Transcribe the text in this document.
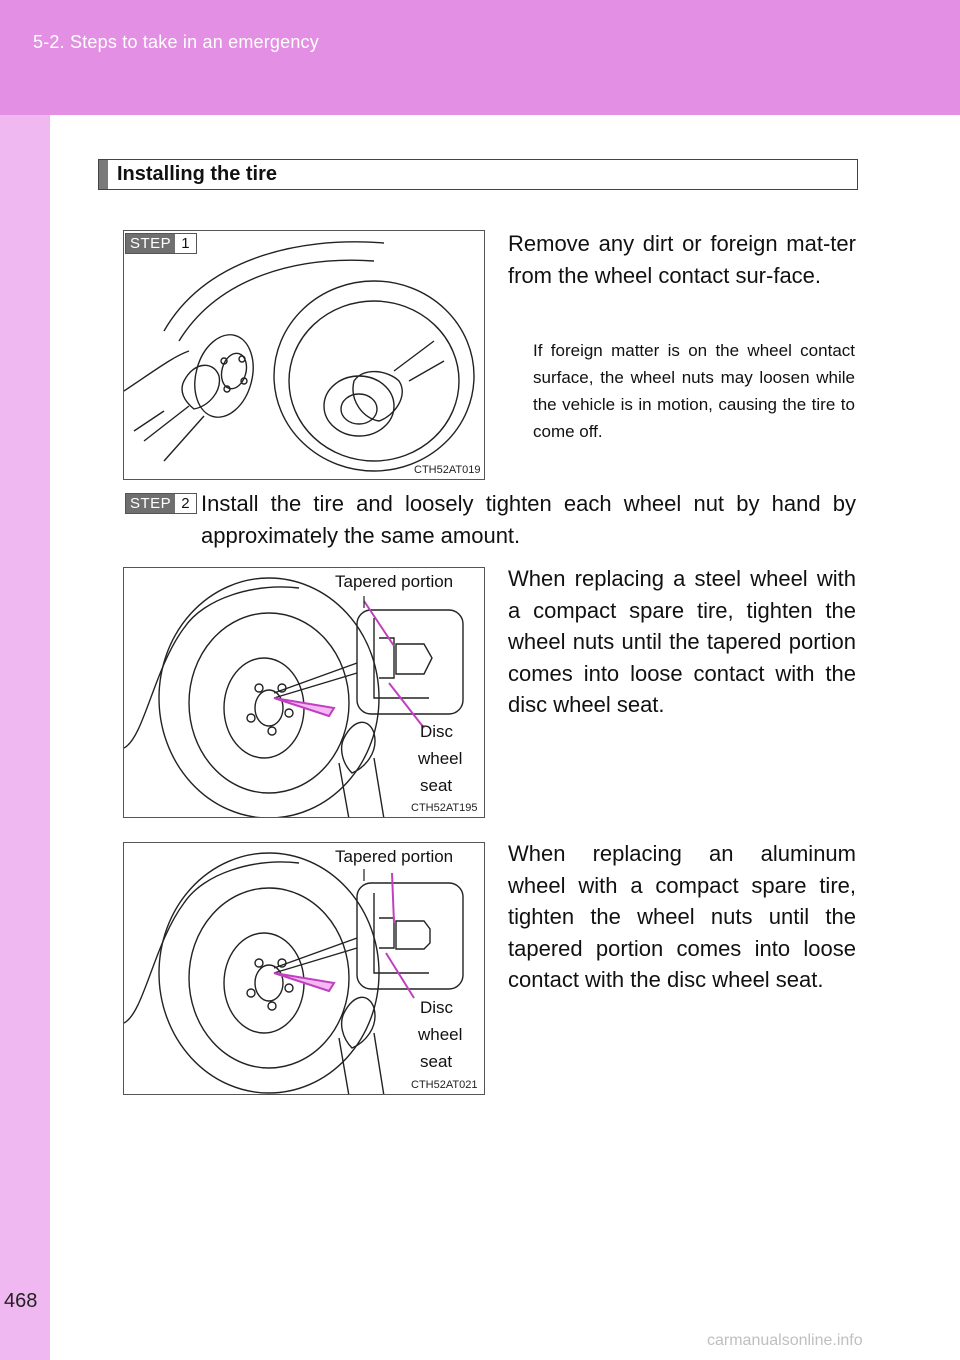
5-2. Steps to take in an emergency
Installing the tire
CTH52AT019
STEP 1	Remove any dirt or foreign mat-ter from the wheel contact sur-face.
If foreign matter is on the wheel contact surface, the wheel nuts may loosen while the vehicle is in motion, causing the tire to come off.
STEP 2 Install the tire and loosely tighten each wheel nut by hand by approximately the same amount.
CTH52AT195
Tapered portion
Disc
wheel
seat
When replacing a steel wheel with a compact spare tire, tighten the wheel nuts until the tapered portion comes into loose contact with the disc wheel seat.
CTH52AT021
Tapered portion
Disc
wheel
seat
When replacing an aluminum wheel with a compact spare tire, tighten the wheel nuts until the tapered portion comes into loose contact with the disc wheel seat.
468
carmanualsonline.info
